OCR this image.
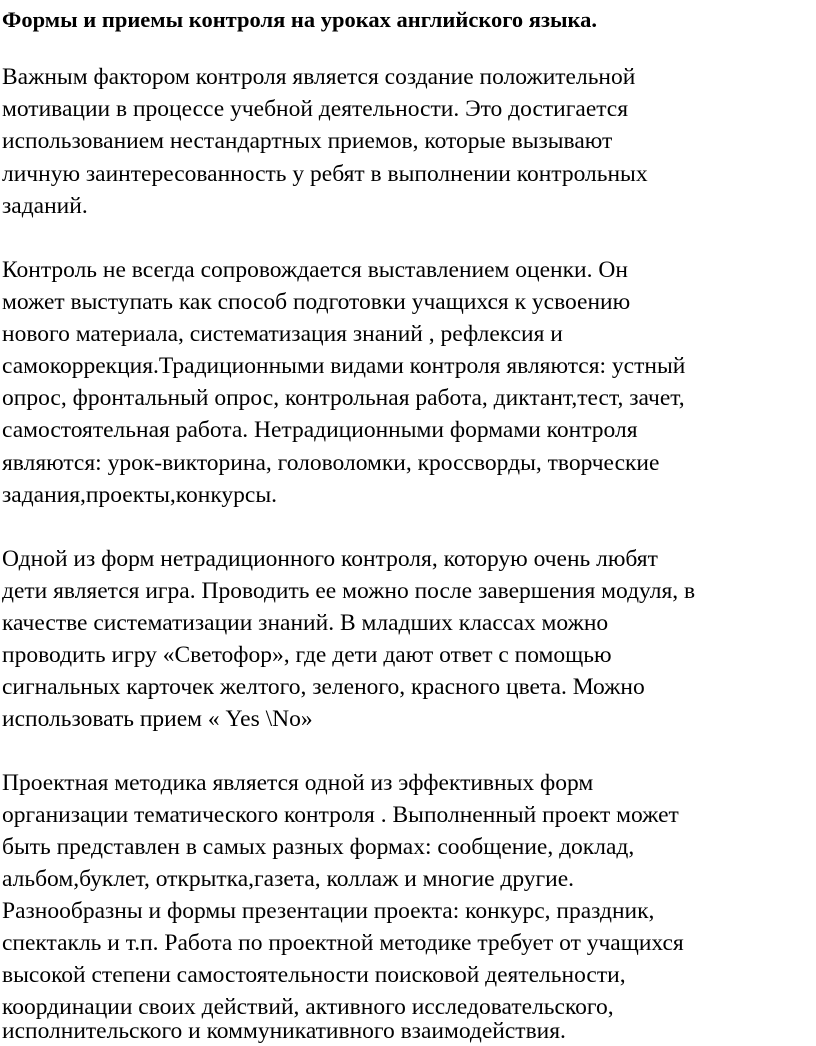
Формы и приемы контроля на уроках английского языка.
Важным фактором контроля является создание положительной
мотивации в процессе учебной деятельности. Это достигается
использованием нестандартных приемов, которые вызывают
личную заинтересованность у ребят в выполнении контрольных
заданий.
Контроль не всегда сопровождается выставлением оценки. Он
может выступать как способ подготовки учащихся к усвоению
нового материала, систематизация знаний , рефлексия и
самокоррекция.Традиционными видами контроля являются: устный
опрос, фронтальный опрос, контрольная работа, диктант,тест, зачет,
самостоятельная работа. Нетрадиционными формами контроля
являются: урок-викторина, головоломки, кроссворды, творческие
задания,проекты,конкурсы.
Одной из форм нетрадиционного контроля, которую очень любят
дети является игра. Проводить ее можно после завершения модуля, в
качестве систематизации знаний. В младших классах можно
проводить игру «Светофор», где дети дают ответ с помощью
сигнальных карточек желтого, зеленого, красного цвета. Можно
использовать прием « Yes \No»
Проектная методика является одной из эффективных форм
организации тематического контроля . Выполненный проект может
быть представлен в самых разных формах: сообщение, доклад,
альбом,буклет, открытка,газета, коллаж и многие другие.
Разнообразны и формы презентации проекта: конкурс, праздник,
спектакль и т.п. Работа по проектной методике требует от учащихся
высокой степени самостоятельности поисковой деятельности,
координации своих действий, активного исследовательского,
исполнительского и коммуникативного взаимодействия.
